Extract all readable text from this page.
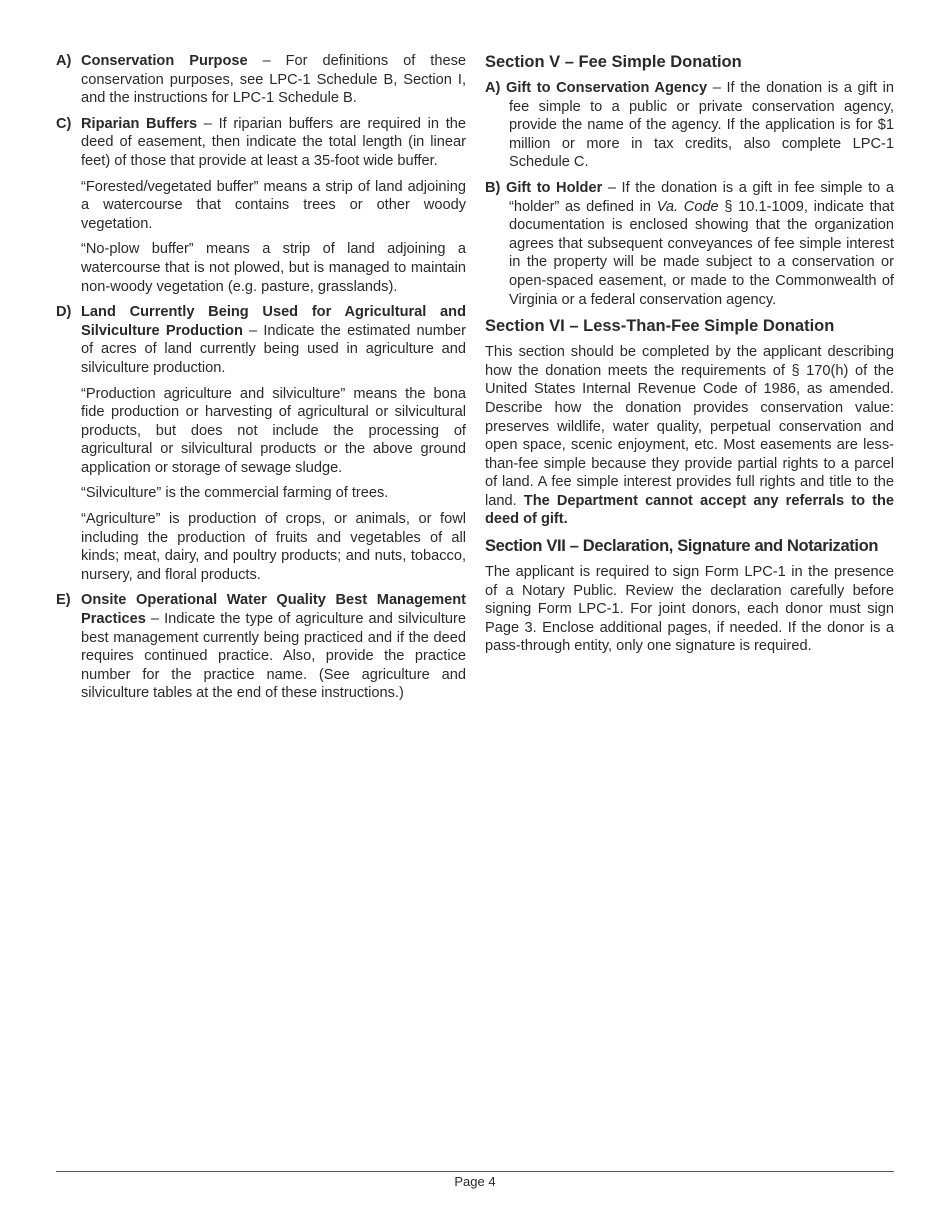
A) Conservation Purpose – For definitions of these conservation purposes, see LPC-1 Schedule B, Section I, and the instructions for LPC-1 Schedule B.

C) Riparian Buffers – If riparian buffers are required in the deed of easement, then indicate the total length (in linear feet) of those that provide at least a 35-foot wide buffer.

“Forested/vegetated buffer” means a strip of land adjoining a watercourse that contains trees or other woody vegetation.

“No-plow buffer” means a strip of land adjoining a watercourse that is not plowed, but is managed to maintain non-woody vegetation (e.g. pasture, grasslands).

D) Land Currently Being Used for Agricultural and Silviculture Production – Indicate the estimated number of acres of land currently being used in agriculture and silviculture production.

“Production agriculture and silviculture” means the bona fide production or harvesting of agricultural or silvicultural products, but does not include the processing of agricultural or silvicultural products or the above ground application or storage of sewage sludge.

“Silviculture” is the commercial farming of trees.

“Agriculture” is production of crops, or animals, or fowl including the production of fruits and vegetables of all kinds; meat, dairy, and poultry products; and nuts, tobacco, nursery, and floral products.

E) Onsite Operational Water Quality Best Management Practices – Indicate the type of agriculture and silviculture best management currently being practiced and if the deed requires continued practice. Also, provide the practice number for the practice name. (See agriculture and silviculture tables at the end of these instructions.)

Section V – Fee Simple Donation

A) Gift to Conservation Agency – If the donation is a gift in fee simple to a public or private conservation agency, provide the name of the agency. If the application is for $1 million or more in tax credits, also complete LPC-1 Schedule C.

B) Gift to Holder – If the donation is a gift in fee simple to a “holder” as defined in Va. Code § 10.1-1009, indicate that documentation is enclosed showing that the organization agrees that subsequent conveyances of fee simple interest in the property will be made subject to a conservation or open-spaced easement, or made to the Commonwealth of Virginia or a federal conservation agency.

Section VI – Less-Than-Fee Simple Donation

This section should be completed by the applicant describing how the donation meets the requirements of § 170(h) of the United States Internal Revenue Code of 1986, as amended. Describe how the donation provides conservation value: preserves wildlife, water quality, perpetual conservation and open space, scenic enjoyment, etc. Most easements are less-than-fee simple because they provide partial rights to a parcel of land. A fee simple interest provides full rights and title to the land. The Department cannot accept any referrals to the deed of gift.

Section VII – Declaration, Signature and Notarization

The applicant is required to sign Form LPC-1 in the presence of a Notary Public. Review the declaration carefully before signing Form LPC-1. For joint donors, each donor must sign Page 3. Enclose additional pages, if needed. If the donor is a pass-through entity, only one signature is required.

Page 4
